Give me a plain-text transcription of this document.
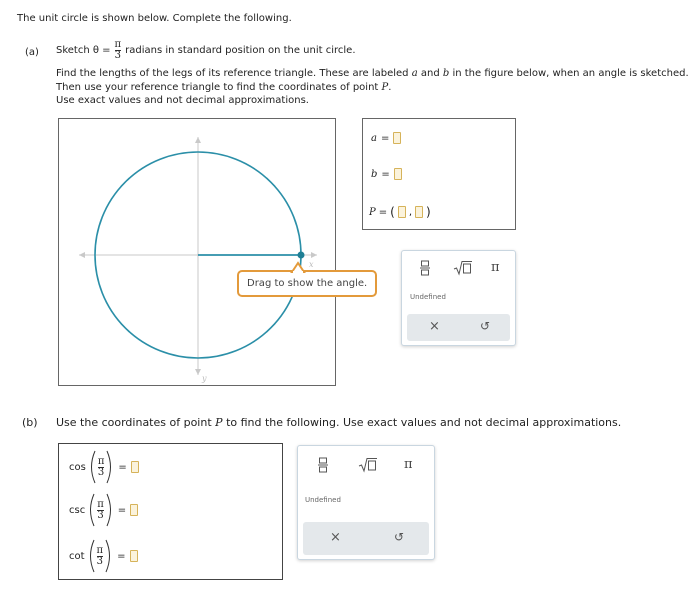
The unit circle is shown below. Complete the following.
(a) Sketch $\theta = \frac{\pi}{3}$ radians in standard position on the unit circle.
Find the lengths of the legs of its reference triangle. These are labeled a and b in the figure below, when an angle is sketched.
Then use your reference triangle to find the coordinates of point P.
Use exact values and not decimal approximations.
x
y
Drag to show the angle.
a =
b =
P = ( , )
π
Undefined
×	↺
(b) Use the coordinates of point P to find the following. Use exact values and not decimal approximations.
$\cos \frac{\pi}{3}$ =
$\csc \frac{\pi}{3}$ =
$\cot \frac{\pi}{3}$ =
π
Undefined
×	↺
